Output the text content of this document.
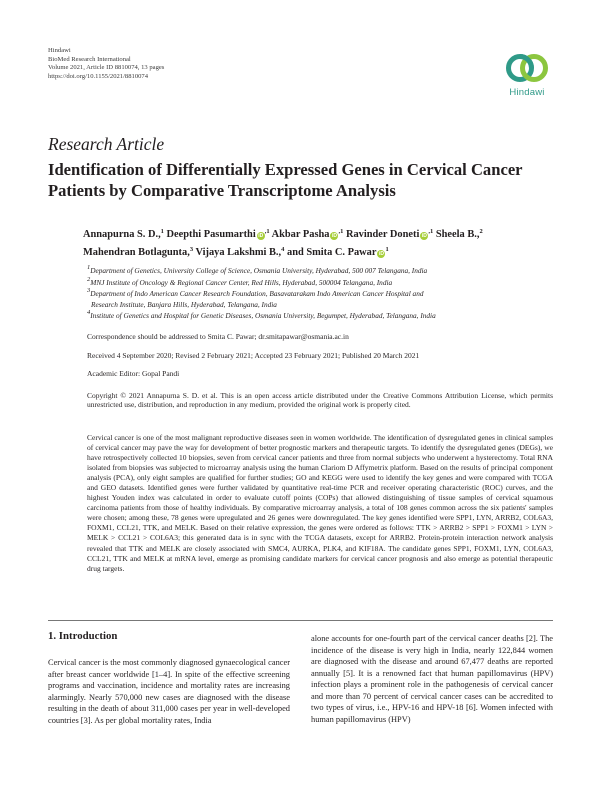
Hindawi
BioMed Research International
Volume 2021, Article ID 8810074, 13 pages
https://doi.org/10.1155/2021/8810074
Hindawi
Research Article
Identification of Differentially Expressed Genes in Cervical Cancer Patients by Comparative Transcriptome Analysis
Annapurna S. D.,$^1$ Deepthi Pasumarthi $iD^{,1}$ Akbar Pasha $iD^{,1}$ Ravinder Doneti $iD^{,1}$ Sheela B.,$^2$
Mahendran Botlagunta,$^3$ Vijaya Lakshmi B.,$^4$ and Smita C. Pawar $iD^1$
$^1$Department of Genetics, University College of Science, Osmania University, Hyderabad, 500 007 Telangana, India
$^2$MNJ Institute of Oncology & Regional Cancer Center, Red Hills, Hyderabad, 500004 Telangana, India
$^3$Department of Indo American Cancer Research Foundation, Basavatarakam Indo American Cancer Hospital and
Research Institute, Banjara Hills, Hyderabad, Telangana, India
$^4$Institute of Genetics and Hospital for Genetic Diseases, Osmania University, Begumpet, Hyderabad, Telangana, India
Correspondence should be addressed to Smita C. Pawar; dr.smitapawar@osmania.ac.in
Received 4 September 2020; Revised 2 February 2021; Accepted 23 February 2021; Published 20 March 2021
Academic Editor: Gopal Pandi

Copyright © 2021 Annapurna S. D. et al. This is an open access article distributed under the Creative Commons Attribution License, which permits unrestricted use, distribution, and reproduction in any medium, provided the original work is properly cited.

Cervical cancer is one of the most malignant reproductive diseases seen in women worldwide. The identification of dysregulated genes in clinical samples of cervical cancer may pave the way for development of better prognostic markers and therapeutic targets. To identify the dysregulated genes (DEGs), we have retrospectively collected 10 biopsies, seven from cervical cancer patients and three from normal subjects who underwent a hysterectomy. Total RNA isolated from biopsies was subjected to microarray analysis using the human Clariom D Affymetrix platform. Based on the results of principal component analysis (PCA), only eight samples are qualified for further studies; GO and KEGG were used to identify the key genes and were compared with TCGA and GEO datasets. Identified genes were further validated by quantitative real-time PCR and receiver operating characteristic (ROC) curves, and the highest Youden index was calculated in order to evaluate cutoff points (COPs) that allowed distinguishing of tissue samples of cervical squamous carcinoma patients from those of healthy individuals. By comparative microarray analysis, a total of 108 genes common across the six patients' samples were chosen; among these, 78 genes were upregulated and 26 genes were downregulated. The key genes identified were SPP1, LYN, ARRB2, COL6A3, FOXM1, CCL21, TTK, and MELK. Based on their relative expression, the genes were ordered as follows: TTK > ARRB2 > SPP1 > FOXM1 > LYN > MELK > CCL21 > COL6A3; this generated data is in sync with the TCGA datasets, except for ARRB2. Protein-protein interaction network analysis revealed that TTK and MELK are closely associated with SMC4, AURKA, PLK4, and KIF18A. The candidate genes SPP1, FOXM1, LYN, COL6A3, CCL21, TTK and MELK at mRNA level, emerge as promising candidate markers for cervical cancer prognosis and also emerge as potential therapeutic drug targets.

1. Introduction

Cervical cancer is the most commonly diagnosed gynaecological cancer after breast cancer worldwide [1–4]. In spite of the effective screening programs and vaccination, incidence and mortality rates are increasing alarmingly. Nearly 570,000 new cases are diagnosed with the disease resulting in the death of about 311,000 cases per year in well-developed countries [3]. As per global mortality rates, India

alone accounts for one-fourth part of the cervical cancer deaths [2]. The incidence of the disease is very high in India, nearly 122,844 women are diagnosed with the disease and around 67,477 deaths are reported annually [5]. It is a renowned fact that human papillomavirus (HPV) infection plays a prominent role in the pathogenesis of cervical cancer and more than 70 percent of cervical cancer cases can be accredited to two types of virus, i.e., HPV-16 and HPV-18 [6]. Women infected with human papillomavirus (HPV)
